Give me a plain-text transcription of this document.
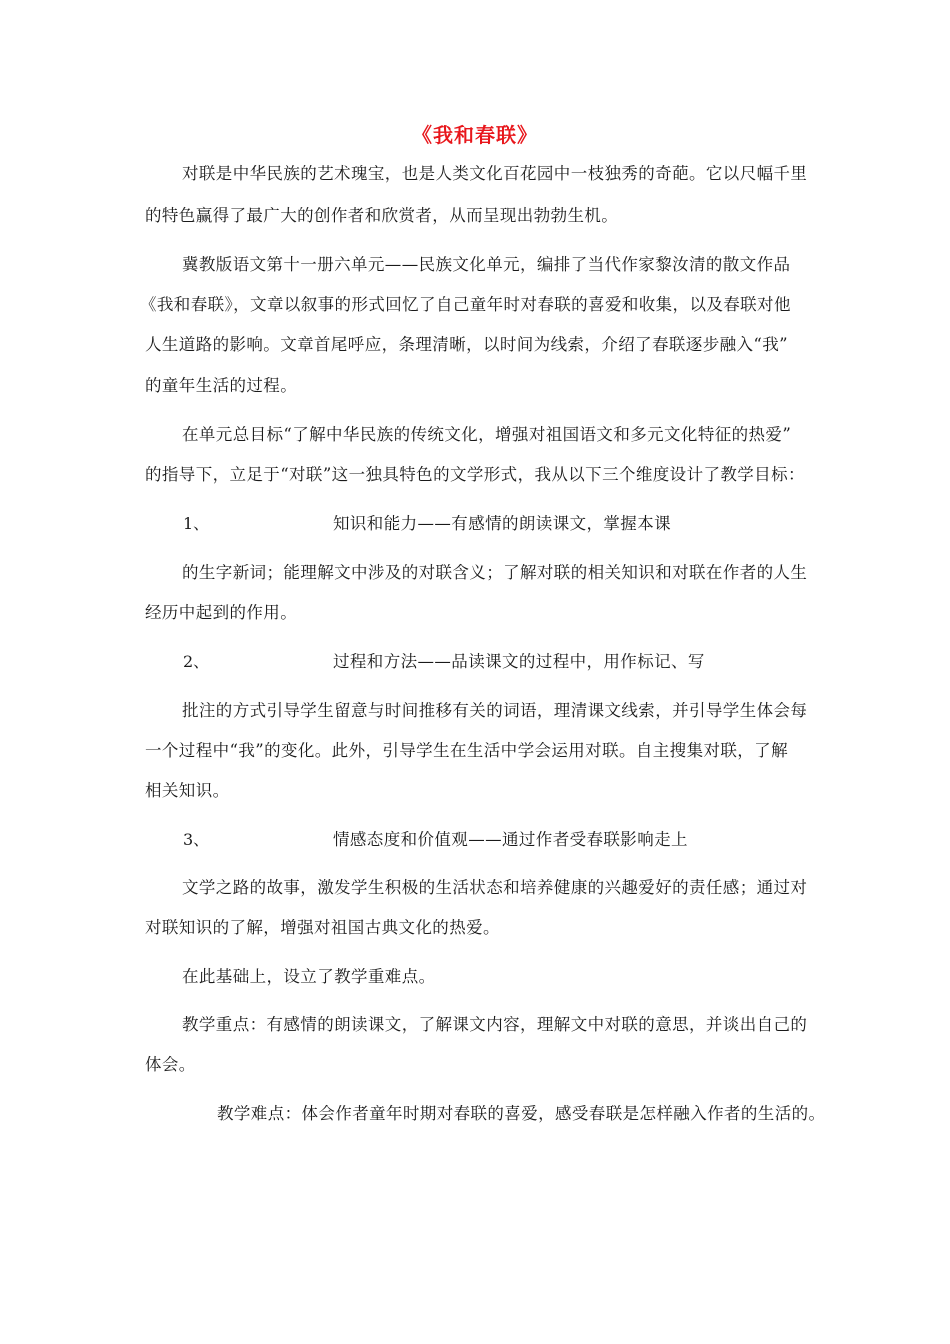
《我和春联》
对联是中华民族的艺术瑰宝，也是人类文化百花园中一枝独秀的奇葩。它以尺幅千里
的特色赢得了最广大的创作者和欣赏者，从而呈现出勃勃生机。
冀教版语文第十一册六单元——民族文化单元，编排了当代作家黎汝清的散文作品
《我和春联》，文章以叙事的形式回忆了自己童年时对春联的喜爱和收集，以及春联对他
人生道路的影响。文章首尾呼应，条理清晰，以时间为线索，介绍了春联逐步融入“我”
的童年生活的过程。
在单元总目标“了解中华民族的传统文化，增强对祖国语文和多元文化特征的热爱”
的指导下，立足于“对联”这一独具特色的文学形式，我从以下三个维度设计了教学目标：
1、	知识和能力——有感情的朗读课文，掌握本课
的生字新词；能理解文中涉及的对联含义；了解对联的相关知识和对联在作者的人生
经历中起到的作用。
2、	过程和方法——品读课文的过程中，用作标记、写
批注的方式引导学生留意与时间推移有关的词语，理清课文线索，并引导学生体会每
一个过程中“我”的变化。此外，引导学生在生活中学会运用对联。自主搜集对联，了解
相关知识。
3、	情感态度和价值观——通过作者受春联影响走上
文学之路的故事，激发学生积极的生活状态和培养健康的兴趣爱好的责任感；通过对
对联知识的了解，增强对祖国古典文化的热爱。
在此基础上，设立了教学重难点。
教学重点：有感情的朗读课文，了解课文内容，理解文中对联的意思，并谈出自己的
体会。
教学难点：体会作者童年时期对春联的喜爱，感受春联是怎样融入作者的生活的。
